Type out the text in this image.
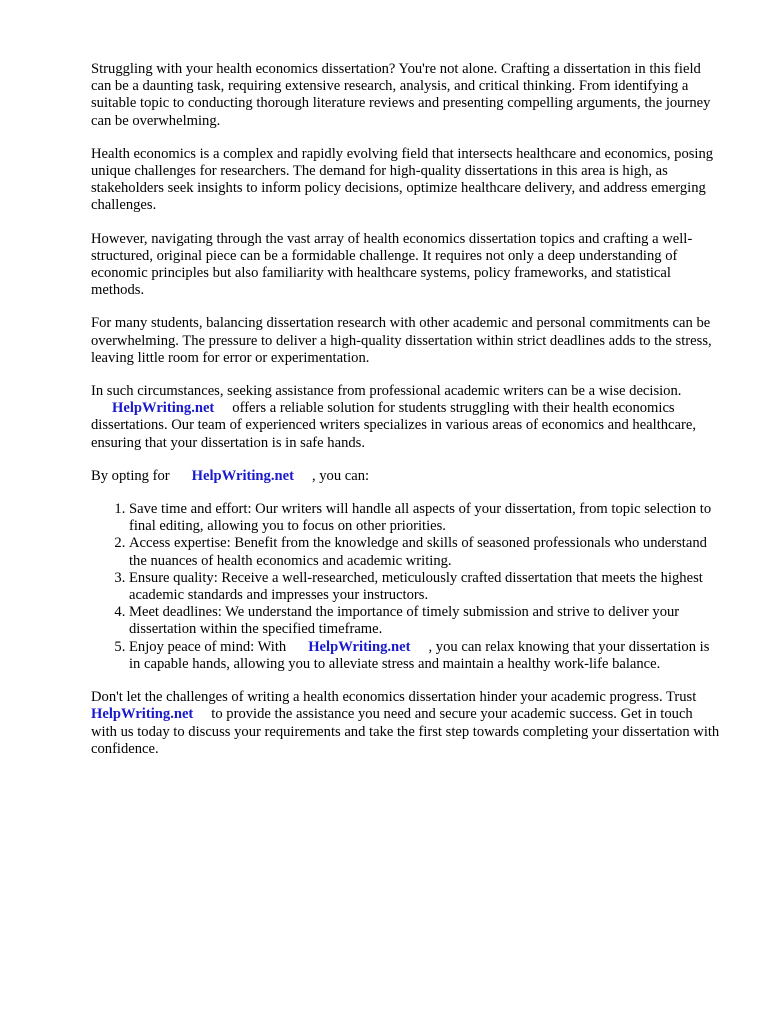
Struggling with your health economics dissertation? You're not alone. Crafting a dissertation in this field can be a daunting task, requiring extensive research, analysis, and critical thinking. From identifying a suitable topic to conducting thorough literature reviews and presenting compelling arguments, the journey can be overwhelming.

Health economics is a complex and rapidly evolving field that intersects healthcare and economics, posing unique challenges for researchers. The demand for high-quality dissertations in this area is high, as stakeholders seek insights to inform policy decisions, optimize healthcare delivery, and address emerging challenges.

However, navigating through the vast array of health economics dissertation topics and crafting a well-structured, original piece can be a formidable challenge. It requires not only a deep understanding of economic principles but also familiarity with healthcare systems, policy frameworks, and statistical methods.

For many students, balancing dissertation research with other academic and personal commitments can be overwhelming. The pressure to deliver a high-quality dissertation within strict deadlines adds to the stress, leaving little room for error or experimentation.

In such circumstances, seeking assistance from professional academic writers can be a wise decision.
HelpWriting.net offers a reliable solution for students struggling with their health economics dissertations. Our team of experienced writers specializes in various areas of economics and healthcare, ensuring that your dissertation is in safe hands.

By opting for HelpWriting.net , you can:

1. Save time and effort: Our writers will handle all aspects of your dissertation, from topic selection to final editing, allowing you to focus on other priorities.
2. Access expertise: Benefit from the knowledge and skills of seasoned professionals who understand the nuances of health economics and academic writing.
3. Ensure quality: Receive a well-researched, meticulously crafted dissertation that meets the highest academic standards and impresses your instructors.
4. Meet deadlines: We understand the importance of timely submission and strive to deliver your dissertation within the specified timeframe.
5. Enjoy peace of mind: With HelpWriting.net , you can relax knowing that your dissertation is in capable hands, allowing you to alleviate stress and maintain a healthy work-life balance.

Don't let the challenges of writing a health economics dissertation hinder your academic progress. TrustHelpWriting.net to provide the assistance you need and secure your academic success. Get in touch with us today to discuss your requirements and take the first step towards completing your dissertation with confidence.
